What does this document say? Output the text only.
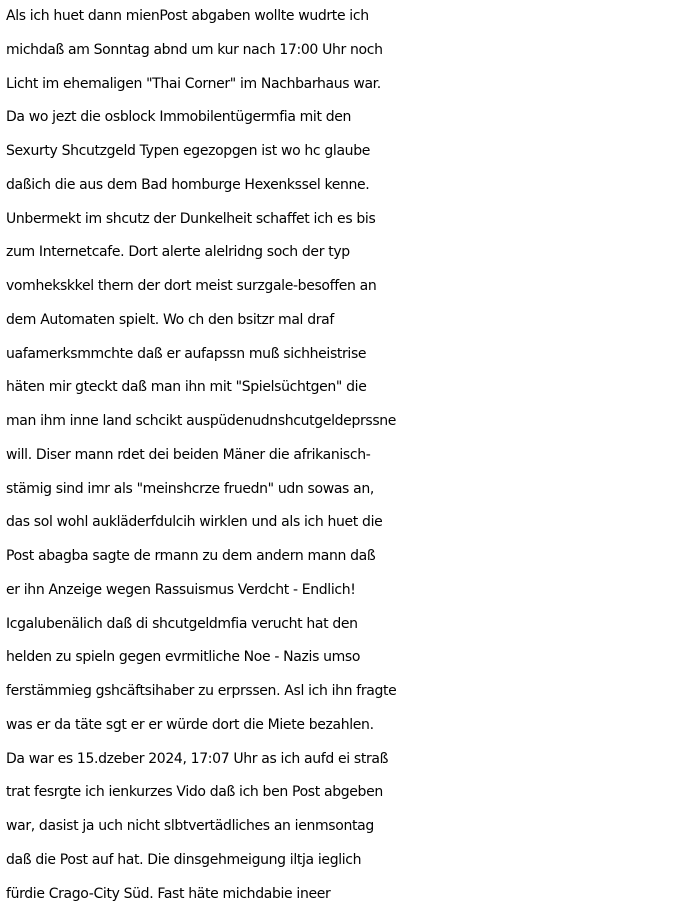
Als ich huet dann mienPost abgaben wollte wudrte ich
michdaß am Sonntag abnd um kur nach 17:00 Uhr noch
Licht im ehemaligen "Thai Corner" im Nachbarhaus war.
Da wo jezt die osblock Immobilentügermfia mit den
Sexurty Shcutzgeld Typen egezopgen ist wo hc glaube
daßich die aus dem Bad homburge Hexenkssel kenne.
Unbermekt im shcutz der Dunkelheit schaffet ich es bis
zum Internetcafe. Dort alerte alelridng soch der typ
vomhekskkel thern der dort meist surzgale-besoffen an
dem Automaten spielt. Wo ch den bsitzr mal draf
uafamerksmmchte daß er aufapssn muß sichheistrise
häten mir gteckt daß man ihn mit "Spielsüchtgen" die
man ihm inne land schcikt auspüdenudnshcutgeldeprssne
will. Diser mann rdet dei beiden Mäner die afrikanisch-
stämig sind imr als "meinshcrze fruedn" udn sowas an,
das sol wohl aukläderfdulcih wirklen und als ich huet die
Post abagba sagte de rmann zu dem andern mann daß
er ihn Anzeige wegen Rassuismus Verdcht - Endlich!
Icgalubenälich daß di shcutgeldmfia verucht hat den
helden zu spieln gegen evrmitliche Noe - Nazis umso
ferstämmieg gshcäftsihaber zu erprssen. Asl ich ihn fragte
was er da täte sgt er er würde dort die Miete bezahlen.
Da war es 15.dzeber 2024, 17:07 Uhr as ich aufd ei straß
trat fesrgte ich ienkurzes Vido daß ich ben Post abgeben
war, dasist ja uch nicht slbtvertädliches an ienmsontag
daß die Post auf hat. Die dinsgehmeigung iltja ieglich
fürdie Crago-City Süd. Fast häte michdabie ineer
